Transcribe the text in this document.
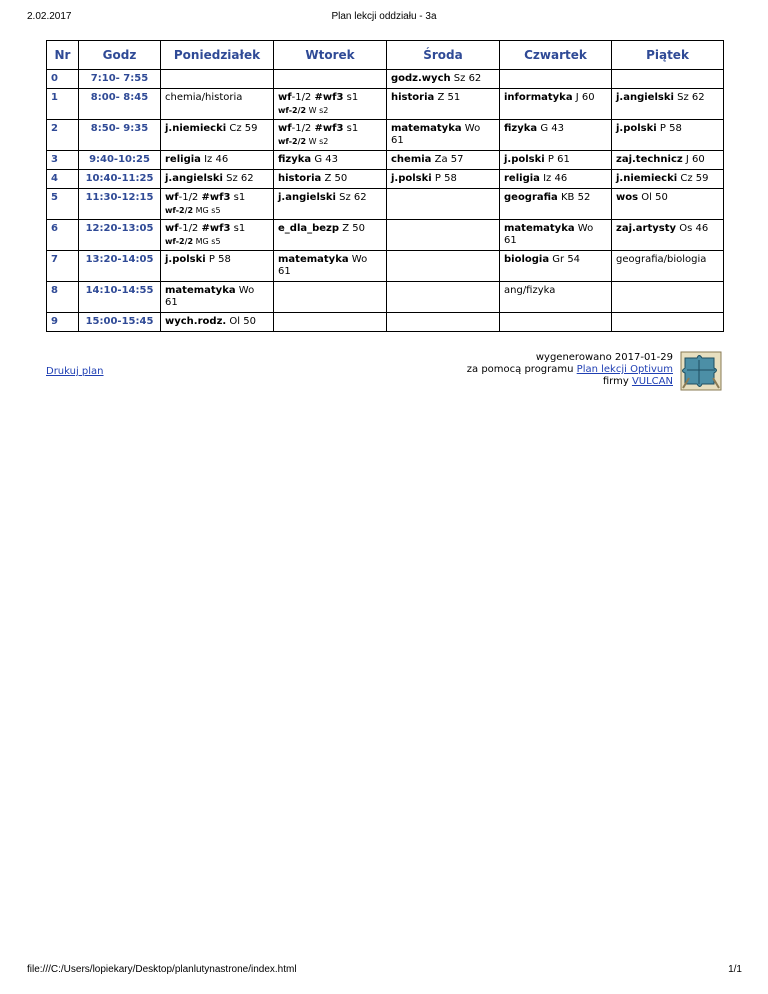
2.02.2017	Plan lekcji oddziału - 3a
Nr	Godz	Poniedziałek	Wtorek	Środa	Czwartek	Piątek
0	7:10- 7:55			godz.wych Sz 62		

1	8:00- 8:45	chemia/historia	wf-1/2 #wf3 s1
wf-2/2 W s2	historia Z 51	informatyka J 60	j.angielski Sz 62

2	8:50- 9:35	j.niemiecki Cz 59	wf-1/2 #wf3 s1
wf-2/2 W s2	matematyka Wo 61	fizyka G 43	j.polski P 58

3	9:40-10:25	religia Iz 46	fizyka G 43	chemia Za 57	j.polski P 61	zaj.technicz J 60

4	10:40-11:25	j.angielski Sz 62	historia Z 50	j.polski P 58	religia Iz 46	j.niemiecki Cz 59

5	11:30-12:15	wf-1/2 #wf3 s1
wf-2/2 MG s5	j.angielski Sz 62		geografia KB 52	wos Ol 50

6	12:20-13:05	wf-1/2 #wf3 s1
wf-2/2 MG s5	e_dla_bezp Z 50		matematyka Wo 61	zaj.artysty Os 46

7	13:20-14:05	j.polski P 58	matematyka Wo 61		biologia Gr 54	geografia/biologia

8	14:10-14:55	matematyka Wo 61			ang/fizyka	

9	15:00-15:45	wych.rodz. Ol 50				

Drukuj plan
wygenerowano 2017-01-29
za pomocą programu Plan lekcji Optivum
firmy VULCAN
file:///C:/Users/lopiekary/Desktop/planlutynastrone/index.html	1/1
